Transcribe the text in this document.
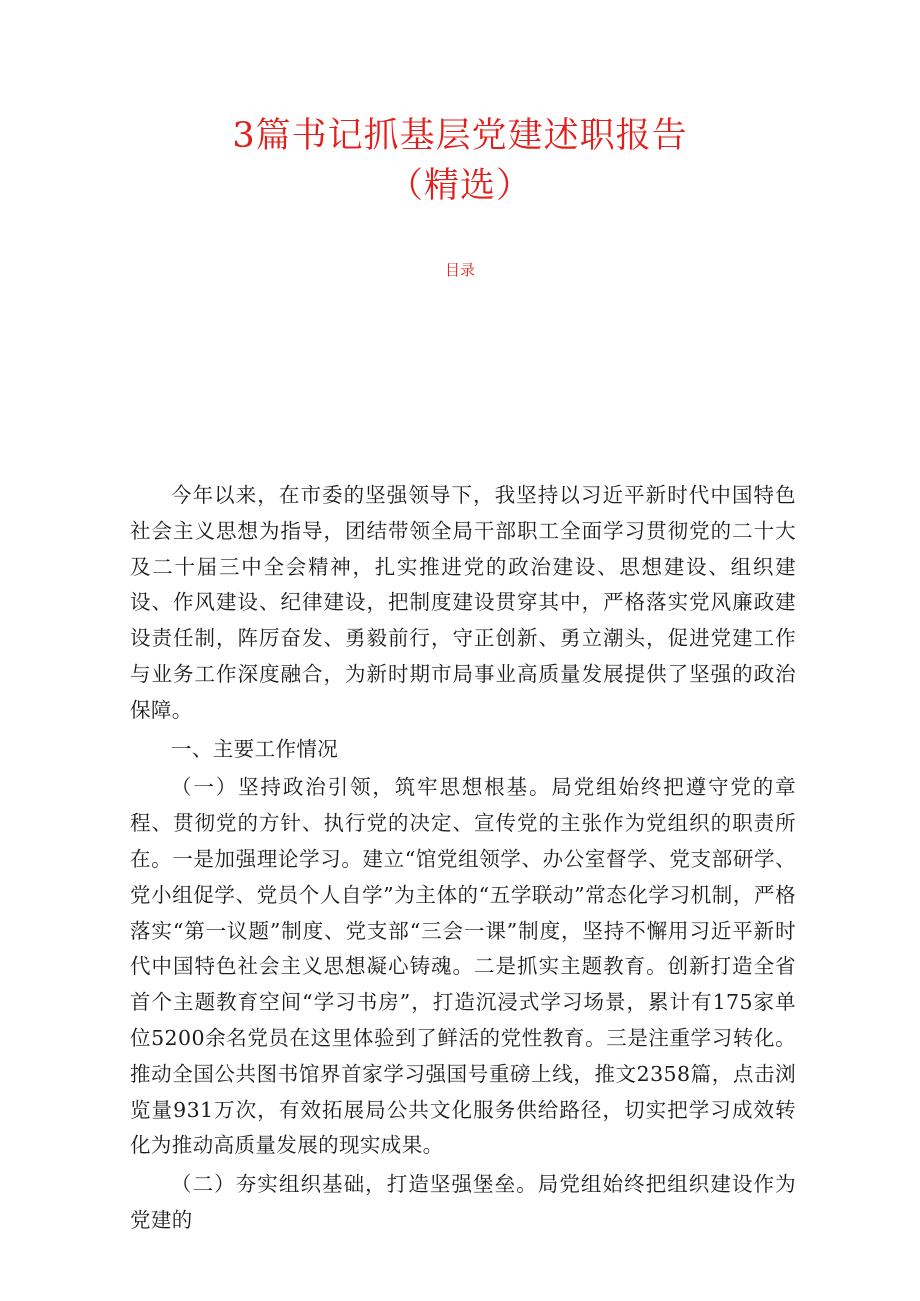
3篇书记抓基层党建述职报告
（精选）
目录

今年以来，在市委的坚强领导下，我坚持以习近平新时代中国特色社会主义思想为指导，团结带领全局干部职工全面学习贯彻党的二十大及二十届三中全会精神，扎实推进党的政治建设、思想建设、组织建设、作风建设、纪律建设，把制度建设贯穿其中，严格落实党风廉政建设责任制，阵厉奋发、勇毅前行，守正创新、勇立潮头，促进党建工作与业务工作深度融合，为新时期市局事业高质量发展提供了坚强的政治保障。

一、主要工作情况

（一）坚持政治引领，筑牢思想根基。局党组始终把遵守党的章程、贯彻党的方针、执行党的决定、宣传党的主张作为党组织的职责所在。一是加强理论学习。建立“馆党组领学、办公室督学、党支部研学、党小组促学、党员个人自学”为主体的“五学联动”常态化学习机制，严格落实“第一议题”制度、党支部“三会一课”制度，坚持不懈用习近平新时代中国特色社会主义思想凝心铸魂。二是抓实主题教育。创新打造全省首个主题教育空间“学习书房”，打造沉浸式学习场景，累计有175家单位5200余名党员在这里体验到了鲜活的党性教育。三是注重学习转化。推动全国公共图书馆界首家学习强国号重磅上线，推文2358篇，点击浏览量931万次，有效拓展局公共文化服务供给路径，切实把学习成效转化为推动高质量发展的现实成果。

（二）夯实组织基础，打造坚强堡垒。局党组始终把组织建设作为党建的
